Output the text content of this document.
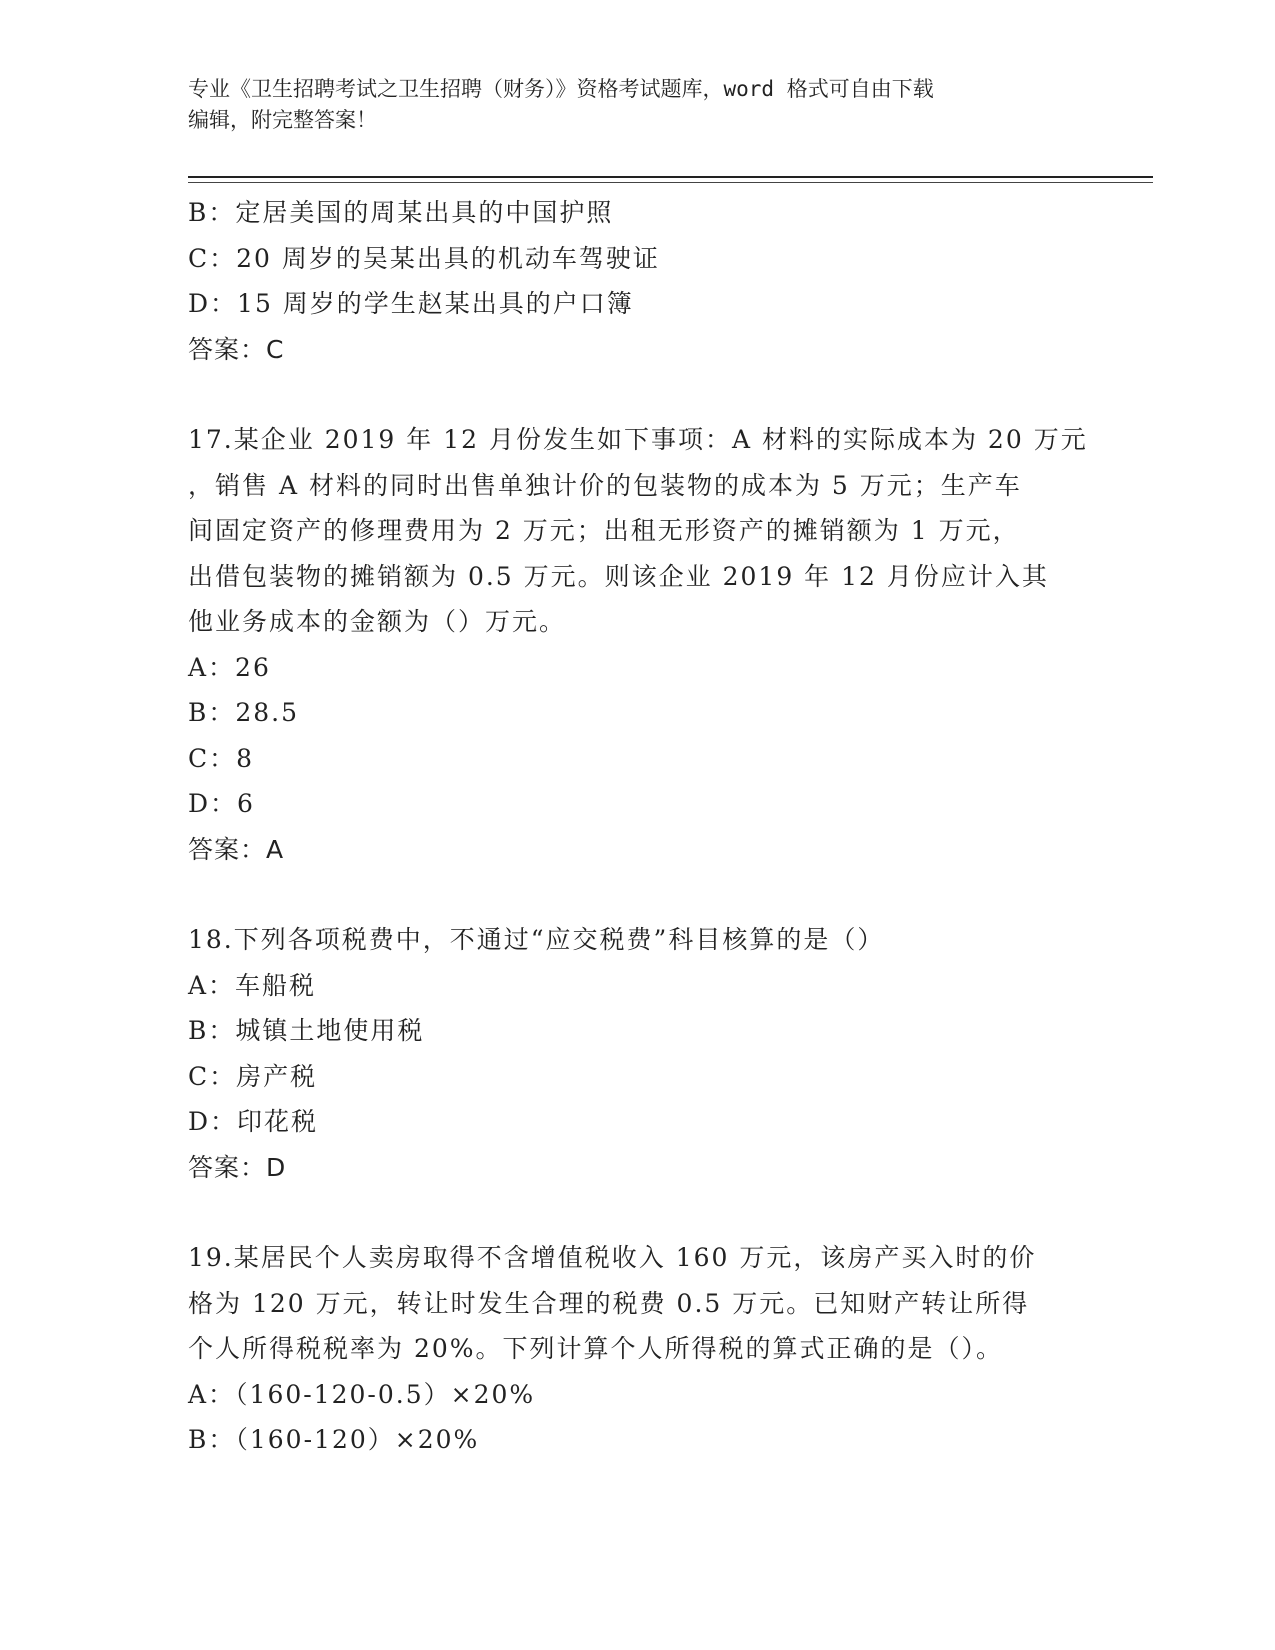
专业《卫生招聘考试之卫生招聘（财务）》资格考试题库，word 格式可自由下载
编辑，附完整答案！
B：定居美国的周某出具的中国护照
C：20 周岁的吴某出具的机动车驾驶证
D：15 周岁的学生赵某出具的户口簿
答案：C
17.某企业 2019 年 12 月份发生如下事项：A 材料的实际成本为 20 万元
，销售 A 材料的同时出售单独计价的包装物的成本为 5 万元；生产车
间固定资产的修理费用为 2 万元；出租无形资产的摊销额为 1 万元，
出借包装物的摊销额为 0.5 万元。则该企业 2019 年 12 月份应计入其
他业务成本的金额为（）万元。
A：26
B：28.5
C：8
D：6
答案：A
18.下列各项税费中，不通过“应交税费”科目核算的是（）
A：车船税
B：城镇土地使用税
C：房产税
D：印花税
答案：D
19.某居民个人卖房取得不含增值税收入 160 万元，该房产买入时的价
格为 120 万元，转让时发生合理的税费 0.5 万元。已知财产转让所得
个人所得税税率为 20%。下列计算个人所得税的算式正确的是（）。
A：（160-120-0.5）×20%
B：（160-120）×20%
